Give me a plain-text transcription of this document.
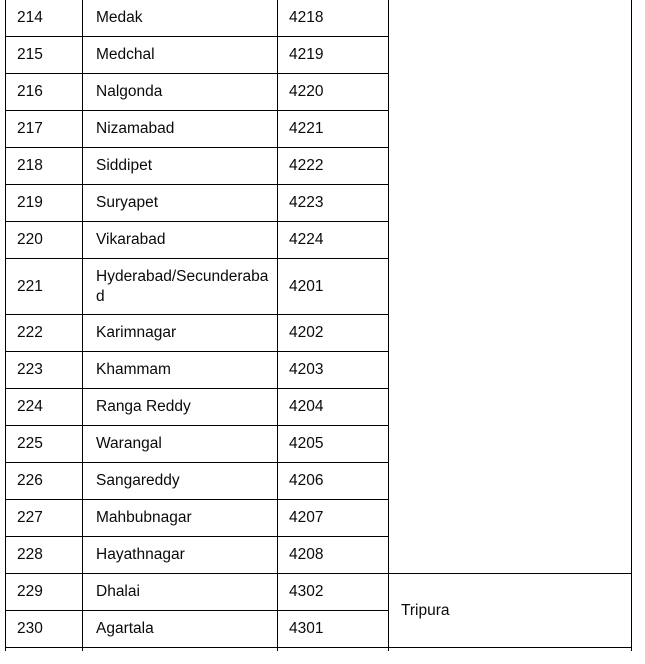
214	Medak	4218	
215	Medchal	4219	
216	Nalgonda	4220	
217	Nizamabad	4221	
218	Siddipet	4222	
219	Suryapet	4223	
220	Vikarabad	4224	
221	Hyderabad/Secunderabad	4201	
222	Karimnagar	4202	
223	Khammam	4203	
224	Ranga Reddy	4204	
225	Warangal	4205	
226	Sangareddy	4206	
227	Mahbubnagar	4207	
228	Hayathnagar	4208	
229	Dhalai	4302	Tripura
230	Agartala	4301	
